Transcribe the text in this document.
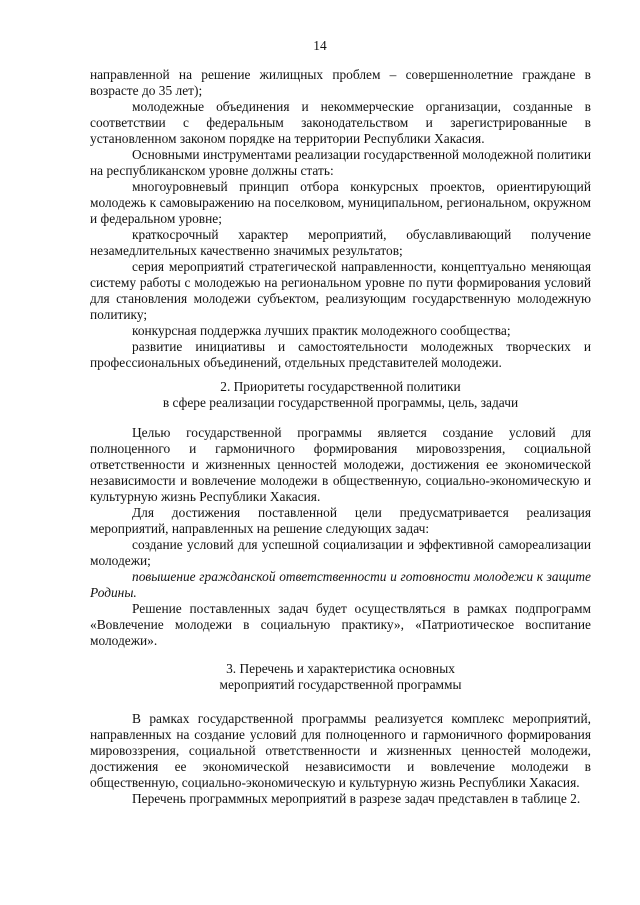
14

направленной на решение жилищных проблем – совершеннолетние граждане в возрасте до 35 лет);

молодежные объединения и некоммерческие организации, созданные в соответствии с федеральным законодательством и зарегистрированные в установленном законом порядке на территории Республики Хакасия.

Основными инструментами реализации государственной молодежной политики на республиканском уровне должны стать:

многоуровневый принцип отбора конкурсных проектов, ориентирующий молодежь к самовыражению на поселковом, муниципальном, региональном, окружном и федеральном уровне;

краткосрочный характер мероприятий, обуславливающий получение незамедлительных качественно значимых результатов;

серия мероприятий стратегической направленности, концептуально меняющая систему работы с молодежью на региональном уровне по пути формирования условий для становления молодежи субъектом, реализующим государственную молодежную политику;

конкурсная поддержка лучших практик молодежного сообщества;

развитие инициативы и самостоятельности молодежных творческих и профессиональных объединений, отдельных представителей молодежи.

2. Приоритеты государственной политики
в сфере реализации государственной программы, цель, задачи

Целью государственной программы является создание условий для полноценного и гармоничного формирования мировоззрения, социальной ответственности и жизненных ценностей молодежи, достижения ее экономической независимости и вовлечение молодежи в общественную, социально-экономическую и культурную жизнь Республики Хакасия.

Для достижения поставленной цели предусматривается реализация мероприятий, направленных на решение следующих задач:

создание условий для успешной социализации и эффективной самореализации молодежи;

повышение гражданской ответственности и готовности молодежи к защите Родины.

Решение поставленных задач будет осуществляться в рамках подпрограмм «Вовлечение молодежи в социальную практику», «Патриотическое воспитание молодежи».

3. Перечень и характеристика основных
мероприятий государственной программы

В рамках государственной программы реализуется комплекс мероприятий, направленных на создание условий для полноценного и гармоничного формирования мировоззрения, социальной ответственности и жизненных ценностей молодежи, достижения ее экономической независимости и вовлечение молодежи в общественную, социально-экономическую и культурную жизнь Республики Хакасия.

Перечень программных мероприятий в разрезе задач представлен в таблице 2.
